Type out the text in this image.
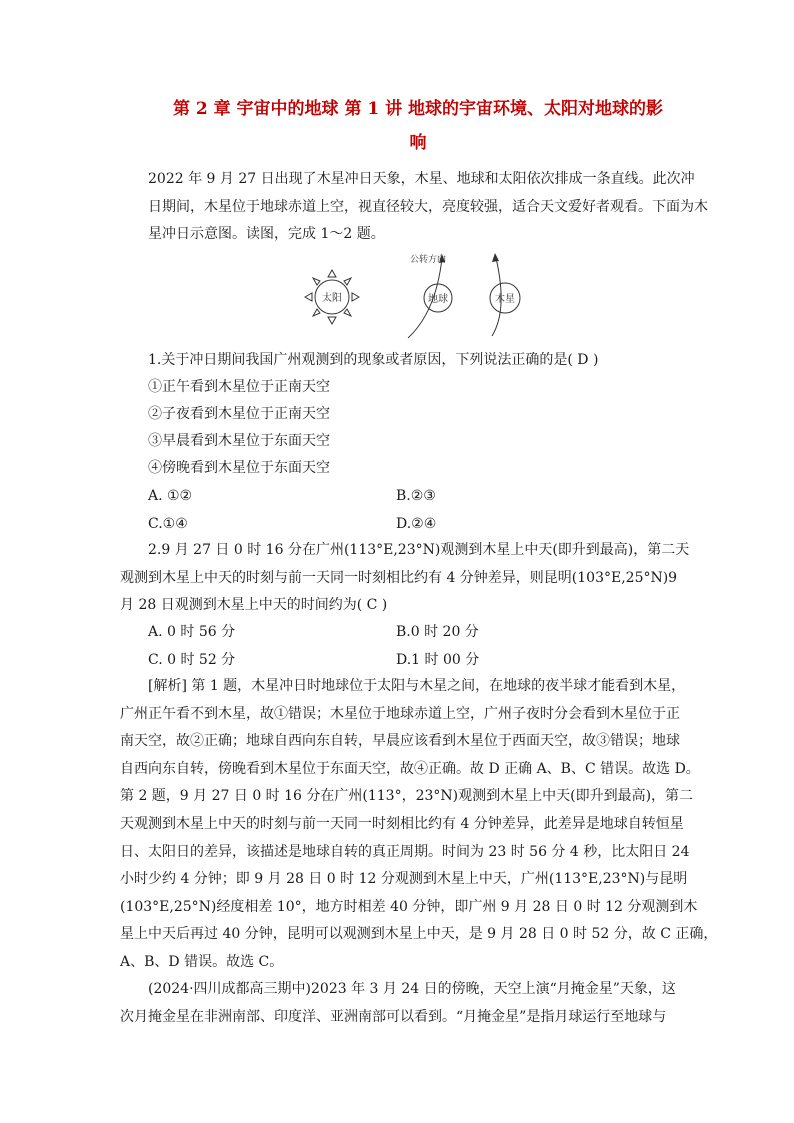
第 2 章 宇宙中的地球 第 1 讲 地球的宇宙环境、太阳对地球的影
响
2022 年 9 月 27 日出现了木星冲日天象，木星、地球和太阳依次排成一条直线。此次冲
日期间，木星位于地球赤道上空，视直径较大，亮度较强，适合天文爱好者观看。下面为木
星冲日示意图。读图，完成 1～2 题。
太阳	地球
公转方向
木星
1.关于冲日期间我国广州观测到的现象或者原因，下列说法正确的是( D )
①正午看到木星位于正南天空
②子夜看到木星位于正南天空
③早晨看到木星位于东面天空
④傍晚看到木星位于东面天空
A. ①②	B.②③
C.①④	D.②④
2.9 月 27 日 0 时 16 分在广州(113°E,23°N)观测到木星上中天(即升到最高)，第二天
观测到木星上中天的时刻与前一天同一时刻相比约有 4 分钟差异，则昆明(103°E,25°N)9
月 28 日观测到木星上中天的时间约为( C )
A. 0 时 56 分	B.0 时 20 分
C. 0 时 52 分	D.1 时 00 分
[解析] 第 1 题，木星冲日时地球位于太阳与木星之间，在地球的夜半球才能看到木星，
广州正午看不到木星，故①错误；木星位于地球赤道上空，广州子夜时分会看到木星位于正
南天空，故②正确；地球自西向东自转，早晨应该看到木星位于西面天空，故③错误；地球
自西向东自转，傍晚看到木星位于东面天空，故④正确。故 D 正确 A、B、C 错误。故选 D。
第 2 题，9 月 27 日 0 时 16 分在广州(113°，23°N)观测到木星上中天(即升到最高)，第二
天观测到木星上中天的时刻与前一天同一时刻相比约有 4 分钟差异，此差异是地球自转恒星
日、太阳日的差异，该描述是地球自转的真正周期。时间为 23 时 56 分 4 秒，比太阳日 24
小时少约 4 分钟；即 9 月 28 日 0 时 12 分观测到木星上中天，广州(113°E,23°N)与昆明
(103°E,25°N)经度相差 10°，地方时相差 40 分钟，即广州 9 月 28 日 0 时 12 分观测到木
星上中天后再过 40 分钟，昆明可以观测到木星上中天，是 9 月 28 日 0 时 52 分，故 C 正确，
A、B、D 错误。故选 C。
(2024·四川成都高三期中)2023 年 3 月 24 日的傍晚，天空上演“月掩金星”天象，这
次月掩金星在非洲南部、印度洋、亚洲南部可以看到。“月掩金星”是指月球运行至地球与
